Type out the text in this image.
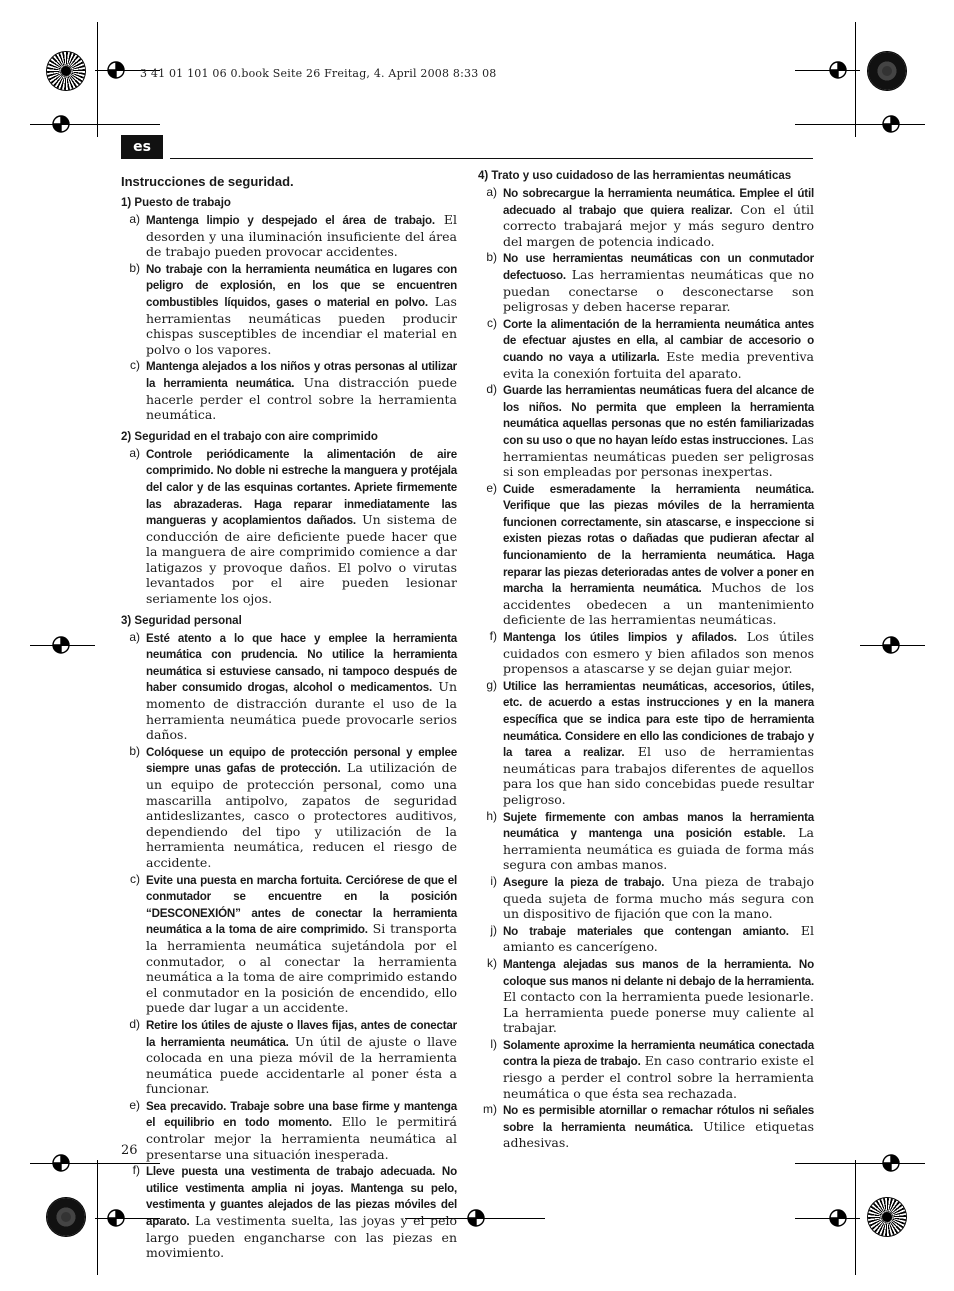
3 41 01 101 06 0.book Seite 26 Freitag, 4. April 2008 8:33 08
es
Instrucciones de seguridad.
1) Puesto de trabajo
a) Mantenga limpio y despejado el área de trabajo. El desorden y una iluminación insuficiente del área de trabajo pueden provocar accidentes.
b) No trabaje con la herramienta neumática en lugares con peligro de explosión, en los que se encuentren combustibles líquidos, gases o material en polvo. Las herramientas neumáticas pueden producir chispas susceptibles de incendiar el material en polvo o los vapores.
c) Mantenga alejados a los niños y otras personas al utilizar la herramienta neumática. Una distracción puede hacerle perder el control sobre la herramienta neumática.
2) Seguridad en el trabajo con aire comprimido
a) Controle periódicamente la alimentación de aire comprimido. No doble ni estreche la manguera y protéjala del calor y de las esquinas cortantes. Apriete firmemente las abrazaderas. Haga reparar inmediatamente las mangueras y acoplamientos dañados. Un sistema de conducción de aire deficiente puede hacer que la manguera de aire comprimido comience a dar latigazos y provoque daños. El polvo o virutas levantados por el aire pueden lesionar seriamente los ojos.
3) Seguridad personal
a) Esté atento a lo que hace y emplee la herramienta neumática con prudencia. No utilice la herramienta neumática si estuviese cansado, ni tampoco después de haber consumido drogas, alcohol o medicamentos. Un momento de distracción durante el uso de la herramienta neumática puede provocarle serios daños.
b) Colóquese un equipo de protección personal y emplee siempre unas gafas de protección. La utilización de un equipo de protección personal, como una mascarilla antipolvo, zapatos de seguridad antideslizantes, casco o protectores auditivos, dependiendo del tipo y utilización de la herramienta neumática, reducen el riesgo de accidente.
c) Evite una puesta en marcha fortuita. Cerciórese de que el conmutador se encuentre en la posición “DESCONEXIÓN” antes de conectar la herramienta neumática a la toma de aire comprimido. Si transporta la herramienta neumática sujetándola por el conmutador, o al conectar la herramienta neumática a la toma de aire comprimido estando el conmutador en la posición de encendido, ello puede dar lugar a un accidente.
d) Retire los útiles de ajuste o llaves fijas, antes de conectar la herramienta neumática. Un útil de ajuste o llave colocada en una pieza móvil de la herramienta neumática puede accidentarle al poner ésta a funcionar.
e) Sea precavido. Trabaje sobre una base firme y mantenga el equilibrio en todo momento. Ello le permitirá controlar mejor la herramienta neumática al presentarse una situación inesperada.
f) Lleve puesta una vestimenta de trabajo adecuada. No utilice vestimenta amplia ni joyas. Mantenga su pelo, vestimenta y guantes alejados de las piezas móviles del aparato. La vestimenta suelta, las joyas y el pelo largo pueden engancharse con las piezas en movimiento.
4) Trato y uso cuidadoso de las herramientas neumáticas
a) No sobrecargue la herramienta neumática. Emplee el útil adecuado al trabajo que quiera realizar. Con el útil correcto trabajará mejor y más seguro dentro del margen de potencia indicado.
b) No use herramientas neumáticas con un conmutador defectuoso. Las herramientas neumáticas que no puedan conectarse o desconectarse son peligrosas y deben hacerse reparar.
c) Corte la alimentación de la herramienta neumática antes de efectuar ajustes en ella, al cambiar de accesorio o cuando no vaya a utilizarla. Este media preventiva evita la conexión fortuita del aparato.
d) Guarde las herramientas neumáticas fuera del alcance de los niños. No permita que empleen la herramienta neumática aquellas personas que no estén familiarizadas con su uso o que no hayan leído estas instrucciones. Las herramientas neumáticas pueden ser peligrosas si son empleadas por personas inexpertas.
e) Cuide esmeradamente la herramienta neumática. Verifique que las piezas móviles de la herramienta funcionen correctamente, sin atascarse, e inspeccione si existen piezas rotas o dañadas que pudieran afectar al funcionamiento de la herramienta neumática. Haga reparar las piezas deterioradas antes de volver a poner en marcha la herramienta neumática. Muchos de los accidentes obedecen a un mantenimiento deficiente de las herramientas neumáticas.
f) Mantenga los útiles limpios y afilados. Los útiles cuidados con esmero y bien afilados son menos propensos a atascarse y se dejan guiar mejor.
g) Utilice las herramientas neumáticas, accesorios, útiles, etc. de acuerdo a estas instrucciones y en la manera específica que se indica para este tipo de herramienta neumática. Considere en ello las condiciones de trabajo y la tarea a realizar. El uso de herramientas neumáticas para trabajos diferentes de aquellos para los que han sido concebidas puede resultar peligroso.
h) Sujete firmemente con ambas manos la herramienta neumática y mantenga una posición estable. La herramienta neumática es guiada de forma más segura con ambas manos.
i) Asegure la pieza de trabajo. Una pieza de trabajo queda sujeta de forma mucho más segura con un dispositivo de fijación que con la mano.
j) No trabaje materiales que contengan amianto. El amianto es cancerígeno.
k) Mantenga alejadas sus manos de la herramienta. No coloque sus manos ni delante ni debajo de la herramienta. El contacto con la herramienta puede lesionarle. La herramienta puede ponerse muy caliente al trabajar.
l) Solamente aproxime la herramienta neumática conectada contra la pieza de trabajo. En caso contrario existe el riesgo a perder el control sobre la herramienta neumática o que ésta sea rechazada.
m) No es permisible atornillar o remachar rótulos ni señales sobre la herramienta neumática. Utilice etiquetas adhesivas.
26
